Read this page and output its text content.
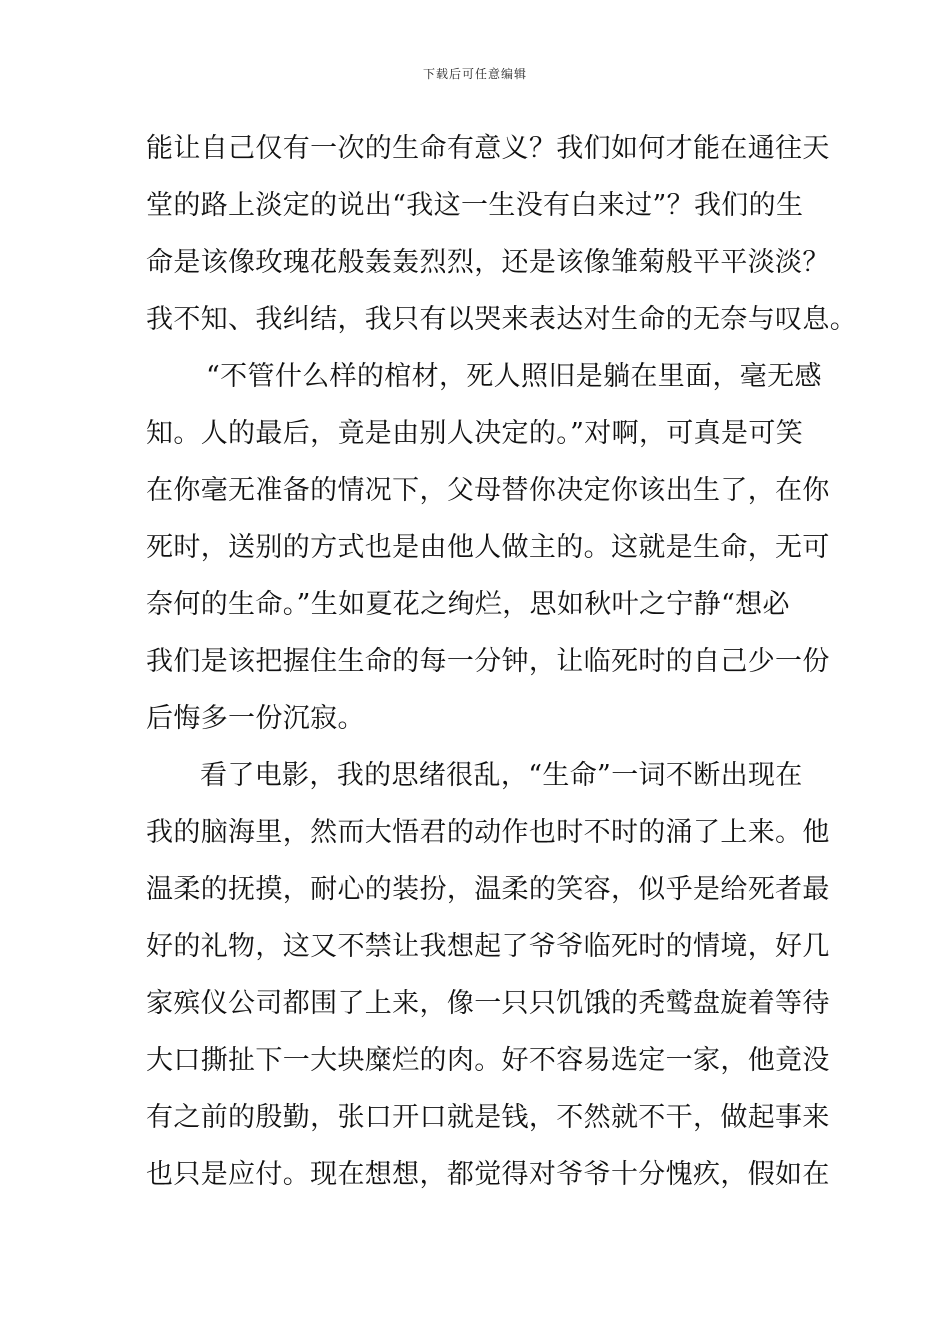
下载后可任意编辑
能让自己仅有一次的生命有意义？我们如何才能在通往天
堂的路上淡定的说出“我这一生没有白来过”？我们的生
命是该像玫瑰花般轰轰烈烈，还是该像雏菊般平平淡淡？
我不知、我纠结，我只有以哭来表达对生命的无奈与叹息。
“不管什么样的棺材，死人照旧是躺在里面，毫无感
知。人的最后，竟是由别人决定的。”对啊，可真是可笑
在你毫无准备的情况下，父母替你决定你该出生了，在你
死时，送别的方式也是由他人做主的。这就是生命，无可
奈何的生命。”生如夏花之绚烂，思如秋叶之宁静“想必
我们是该把握住生命的每一分钟，让临死时的自己少一份
后悔多一份沉寂。
看了电影，我的思绪很乱，“生命”一词不断出现在
我的脑海里，然而大悟君的动作也时不时的涌了上来。他
温柔的抚摸，耐心的装扮，温柔的笑容，似乎是给死者最
好的礼物，这又不禁让我想起了爷爷临死时的情境，好几
家殡仪公司都围了上来，像一只只饥饿的秃鹫盘旋着等待
大口撕扯下一大块糜烂的肉。好不容易选定一家，他竟没
有之前的殷勤，张口开口就是钱，不然就不干，做起事来
也只是应付。现在想想，都觉得对爷爷十分愧疚，假如在
